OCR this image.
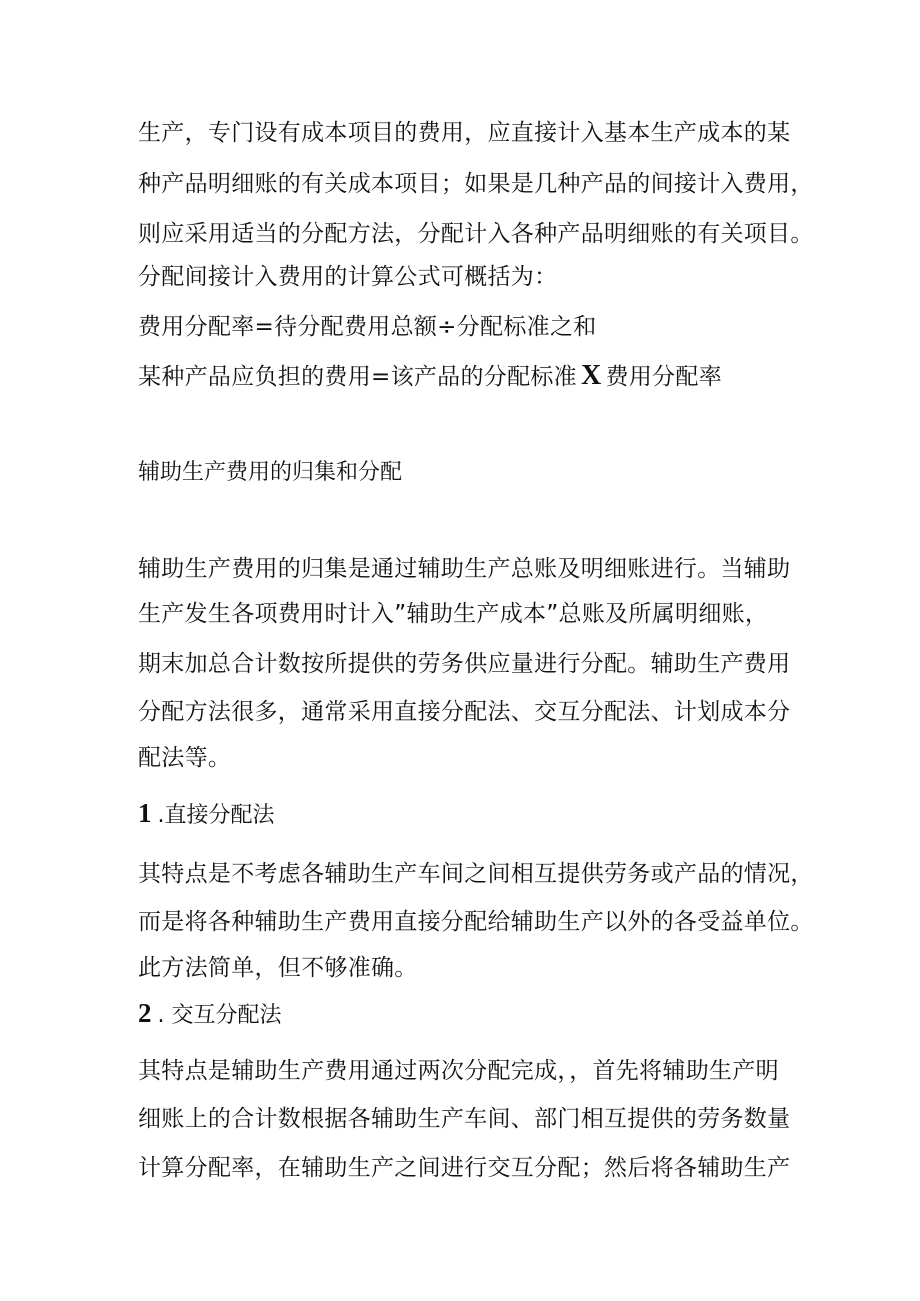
生产，专门设有成本项目的费用，应直接计入基本生产成本的某
种产品明细账的有关成本项目；如果是几种产品的间接计入费用，
则应采用适当的分配方法，分配计入各种产品明细账的有关项目。
分配间接计入费用的计算公式可概括为：
费用分配率=待分配费用总额÷分配标准之和
某种产品应负担的费用=该产品的分配标准 X 费用分配率
辅助生产费用的归集和分配
辅助生产费用的归集是通过辅助生产总账及明细账进行。当辅助
生产发生各项费用时计入”辅助生产成本”总账及所属明细账，
期末加总合计数按所提供的劳务供应量进行分配。辅助生产费用
分配方法很多，通常采用直接分配法、交互分配法、计划成本分
配法等。
1 .直接分配法
其特点是不考虑各辅助生产车间之间相互提供劳务或产品的情况，
而是将各种辅助生产费用直接分配给辅助生产以外的各受益单位。
此方法简单，但不够准确。
2 . 交互分配法
其特点是辅助生产费用通过两次分配完成，，首先将辅助生产明
细账上的合计数根据各辅助生产车间、部门相互提供的劳务数量
计算分配率，在辅助生产之间进行交互分配；然后将各辅助生产
